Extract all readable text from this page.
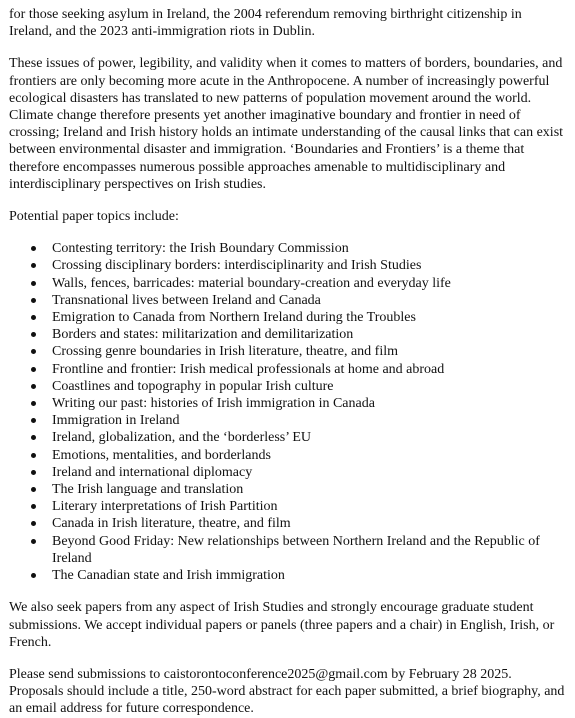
for those seeking asylum in Ireland, the 2004 referendum removing birthright citizenship in Ireland, and the 2023 anti-immigration riots in Dublin.

These issues of power, legibility, and validity when it comes to matters of borders, boundaries, and frontiers are only becoming more acute in the Anthropocene. A number of increasingly powerful ecological disasters has translated to new patterns of population movement around the world. Climate change therefore presents yet another imaginative boundary and frontier in need of crossing; Ireland and Irish history holds an intimate understanding of the causal links that can exist between environmental disaster and immigration. ‘Boundaries and Frontiers’ is a theme that therefore encompasses numerous possible approaches amenable to multidisciplinary and interdisciplinary perspectives on Irish studies.

Potential paper topics include:

Contesting territory: the Irish Boundary Commission
Crossing disciplinary borders: interdisciplinarity and Irish Studies
Walls, fences, barricades: material boundary-creation and everyday life
Transnational lives between Ireland and Canada
Emigration to Canada from Northern Ireland during the Troubles
Borders and states: militarization and demilitarization
Crossing genre boundaries in Irish literature, theatre, and film
Frontline and frontier: Irish medical professionals at home and abroad
Coastlines and topography in popular Irish culture
Writing our past: histories of Irish immigration in Canada
Immigration in Ireland
Ireland, globalization, and the ‘borderless’ EU
Emotions, mentalities, and borderlands
Ireland and international diplomacy
The Irish language and translation
Literary interpretations of Irish Partition
Canada in Irish literature, theatre, and film
Beyond Good Friday: New relationships between Northern Ireland and the Republic of Ireland
The Canadian state and Irish immigration

We also seek papers from any aspect of Irish Studies and strongly encourage graduate student submissions. We accept individual papers or panels (three papers and a chair) in English, Irish, or French.

Please send submissions to caistorontoconference2025@gmail.com by February 28 2025. Proposals should include a title, 250-word abstract for each paper submitted, a brief biography, and an email address for future correspondence.
